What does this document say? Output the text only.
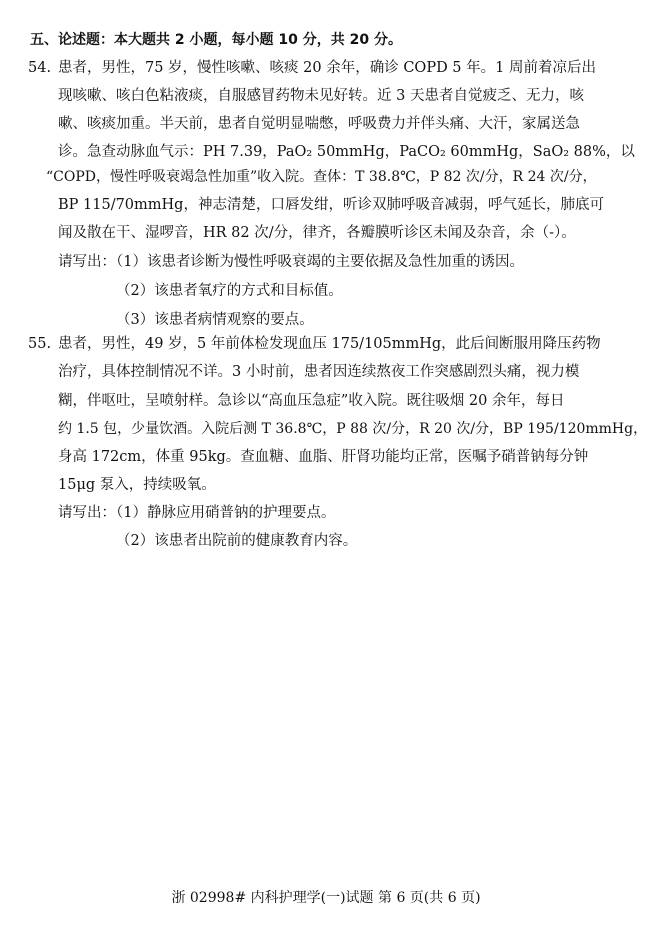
五、论述题：本大题共 2 小题，每小题 10 分，共 20 分。
54. 患者，男性，75 岁，慢性咳嗽、咳痰 20 余年，确诊 COPD 5 年。1 周前着凉后出
现咳嗽、咳白色粘液痰，自服感冒药物未见好转。近 3 天患者自觉疲乏、无力，咳
嗽、咳痰加重。半天前，患者自觉明显喘憋，呼吸费力并伴头痛、大汗，家属送急
诊。急查动脉血气示：PH 7.39，PaO₂ 50mmHg，PaCO₂ 60mmHg，SaO₂ 88%，以
“COPD，慢性呼吸衰竭急性加重”收入院。查体：T 38.8℃，P 82 次/分，R 24 次/分，
BP 115/70mmHg，神志清楚，口唇发绀，听诊双肺呼吸音减弱，呼气延长，肺底可
闻及散在干、湿啰音，HR 82 次/分，律齐，各瓣膜听诊区未闻及杂音，余（-）。
请写出：（1）该患者诊断为慢性呼吸衰竭的主要依据及急性加重的诱因。
（2）该患者氧疗的方式和目标值。
（3）该患者病情观察的要点。
55. 患者，男性，49 岁，5 年前体检发现血压 175/105mmHg，此后间断服用降压药物
治疗，具体控制情况不详。3 小时前，患者因连续熬夜工作突感剧烈头痛，视力模
糊，伴呕吐，呈喷射样。急诊以“高血压急症”收入院。既往吸烟 20 余年，每日
约 1.5 包，少量饮酒。入院后测 T 36.8℃，P 88 次/分，R 20 次/分，BP 195/120mmHg，
身高 172cm，体重 95kg。查血糖、血脂、肝肾功能均正常，医嘱予硝普钠每分钟
15μg 泵入，持续吸氧。
请写出：（1）静脉应用硝普钠的护理要点。
（2）该患者出院前的健康教育内容。
浙 02998# 内科护理学(一)试题 第 6 页(共 6 页)
